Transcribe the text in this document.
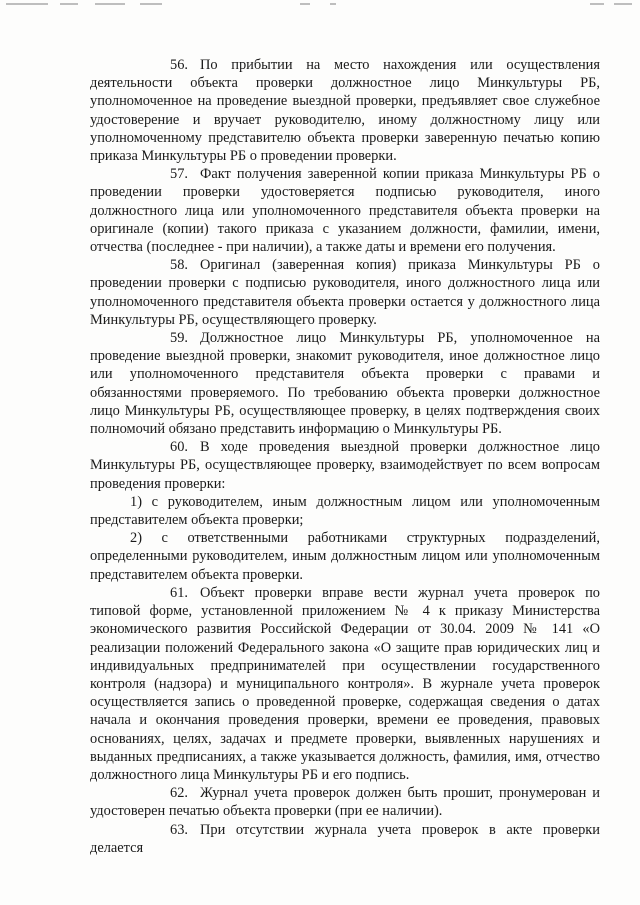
56. По прибытии на место нахождения или осуществления деятельности объекта проверки должностное лицо Минкультуры РБ, уполномоченное на проведение выездной проверки, предъявляет свое служебное удостоверение и вручает руководителю, иному должностному лицу или уполномоченному представителю объекта проверки заверенную печатью копию приказа Минкультуры РБ о проведении проверки.

57. Факт получения заверенной копии приказа Минкультуры РБ о проведении проверки удостоверяется подписью руководителя, иного должностного лица или уполномоченного представителя объекта проверки на оригинале (копии) такого приказа с указанием должности, фамилии, имени, отчества (последнее - при наличии), а также даты и времени его получения.

58. Оригинал (заверенная копия) приказа Минкультуры РБ о проведении проверки с подписью руководителя, иного должностного лица или уполномоченного представителя объекта проверки остается у должностного лица Минкультуры РБ, осуществляющего проверку.

59. Должностное лицо Минкультуры РБ, уполномоченное на проведение выездной проверки, знакомит руководителя, иное должностное лицо или уполномоченного представителя объекта проверки с правами и обязанностями проверяемого. По требованию объекта проверки должностное лицо Минкультуры РБ, осуществляющее проверку, в целях подтверждения своих полномочий обязано представить информацию о Минкультуры РБ.

60. В ходе проведения выездной проверки должностное лицо Минкультуры РБ, осуществляющее проверку, взаимодействует по всем вопросам проведения проверки:

1) с руководителем, иным должностным лицом или уполномоченным представителем объекта проверки;

2) с ответственными работниками структурных подразделений, определенными руководителем, иным должностным лицом или уполномоченным представителем объекта проверки.

61. Объект проверки вправе вести журнал учета проверок по типовой форме, установленной приложением № 4 к приказу Министерства экономического развития Российской Федерации от 30.04. 2009 № 141 «О реализации положений Федерального закона «О защите прав юридических лиц и индивидуальных предпринимателей при осуществлении государственного контроля (надзора) и муниципального контроля». В журнале учета проверок осуществляется запись о проведенной проверке, содержащая сведения о датах начала и окончания проведения проверки, времени ее проведения, правовых основаниях, целях, задачах и предмете проверки, выявленных нарушениях и выданных предписаниях, а также указывается должность, фамилия, имя, отчество должностного лица Минкультуры РБ и его подпись.

62. Журнал учета проверок должен быть прошит, пронумерован и удостоверен печатью объекта проверки (при ее наличии).

63. При отсутствии журнала учета проверок в акте проверки делается
